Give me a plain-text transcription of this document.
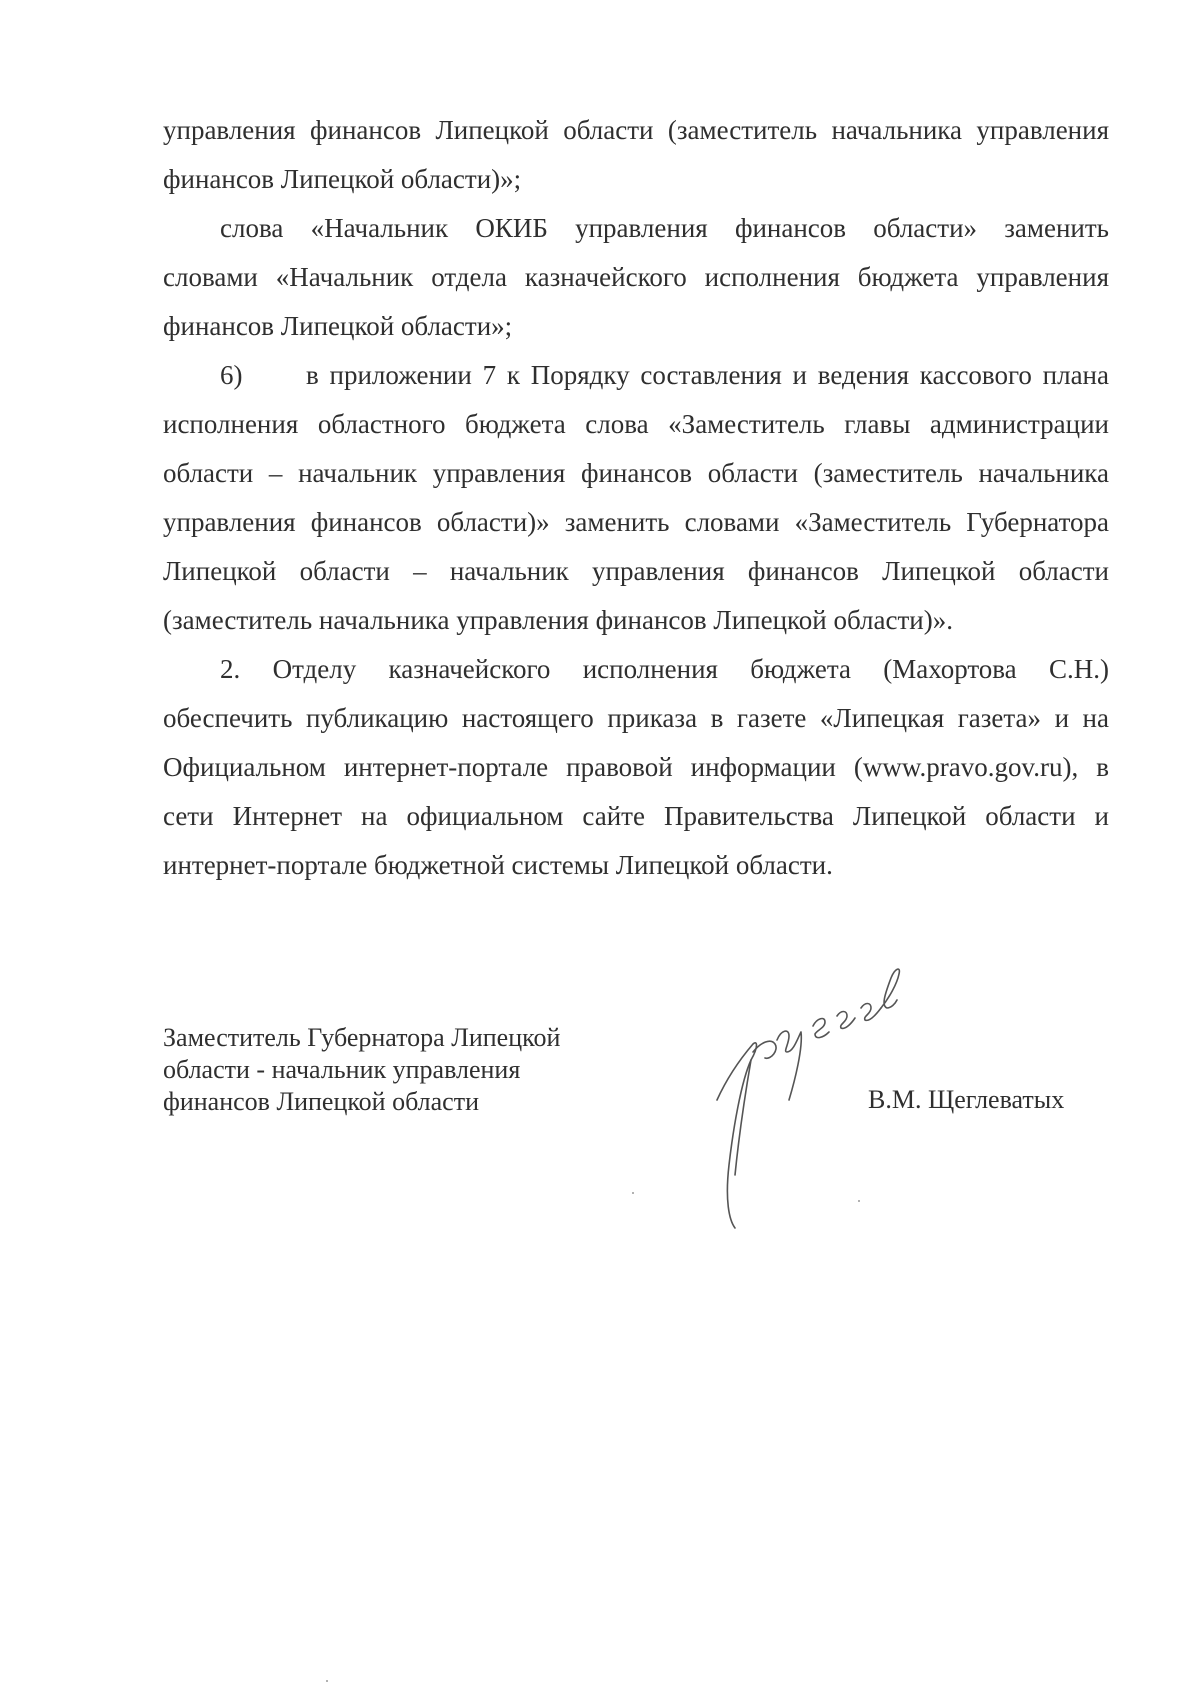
управления финансов Липецкой области (заместитель начальника управления
финансов Липецкой области)»;
слова «Начальник ОКИБ управления финансов области» заменить
словами «Начальник отдела казначейского исполнения бюджета управления
финансов Липецкой области»;
6) в приложении 7 к Порядку составления и ведения кассового плана
исполнения областного бюджета слова «Заместитель главы администрации
области – начальник управления финансов области (заместитель начальника
управления финансов области)» заменить словами «Заместитель Губернатора
Липецкой области – начальник управления финансов Липецкой области
(заместитель начальника управления финансов Липецкой области)».
2. Отделу казначейского исполнения бюджета (Махортова С.Н.)
обеспечить публикацию настоящего приказа в газете «Липецкая газета» и на
Официальном интернет-портале правовой информации (www.pravo.gov.ru), в
сети Интернет на официальном сайте Правительства Липецкой области и
интернет-портале бюджетной системы Липецкой области.
Заместитель Губернатора Липецкой
области - начальник управления
финансов Липецкой области	В.М. Щеглеватых
